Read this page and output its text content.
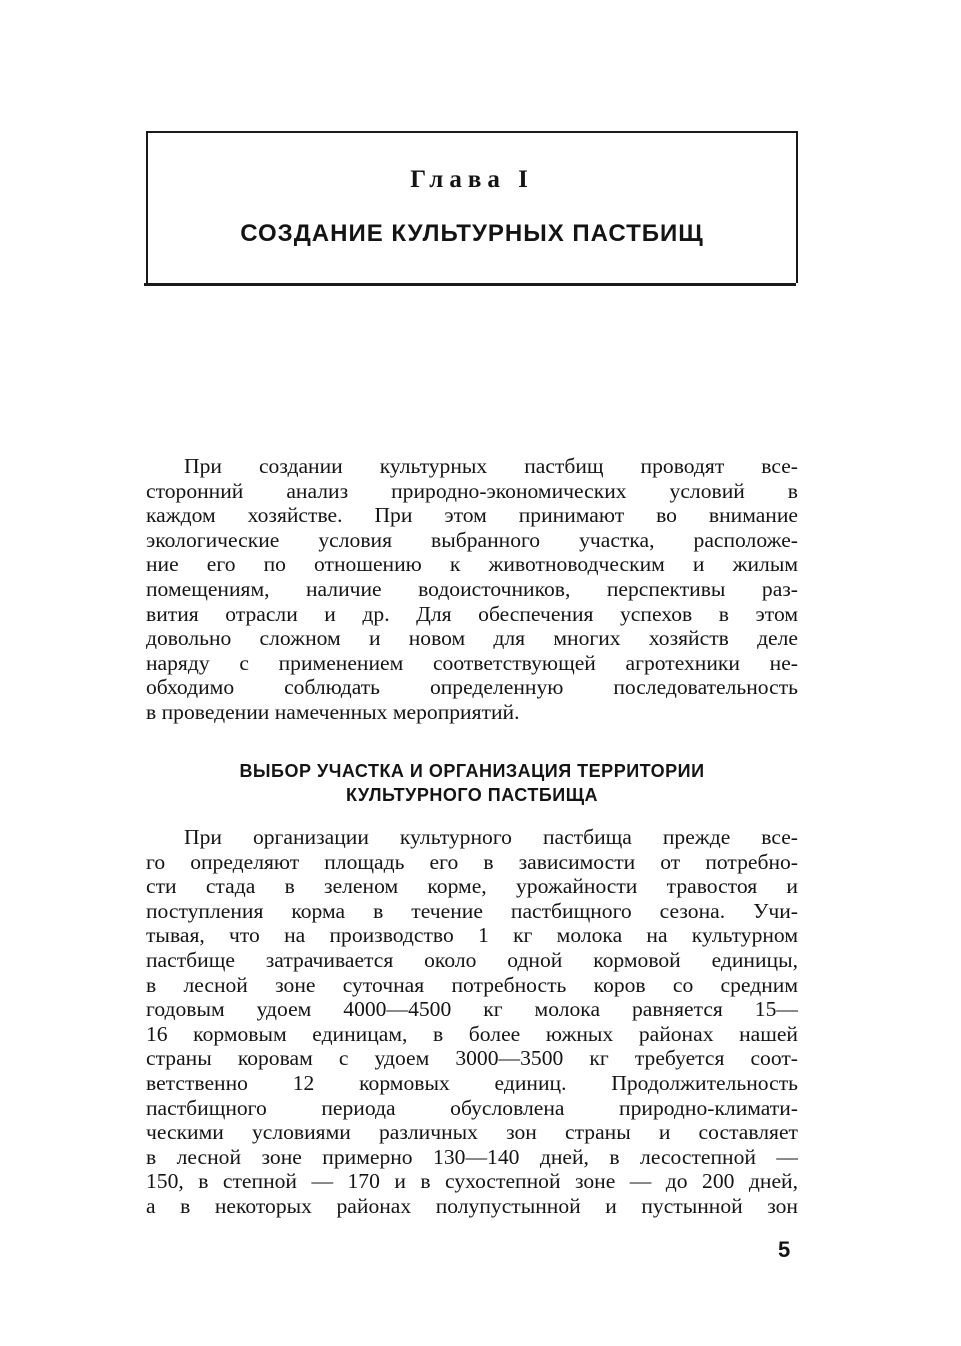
Глава I
СОЗДАНИЕ КУЛЬТУРНЫХ ПАСТБИЩ
При создании культурных пастбищ проводят все-
сторонний анализ природно-экономических условий в
каждом хозяйстве. При этом принимают во внимание
экологические условия выбранного участка, расположе-
ние его по отношению к животноводческим и жилым
помещениям, наличие водоисточников, перспективы раз-
вития отрасли и др. Для обеспечения успехов в этом
довольно сложном и новом для многих хозяйств деле
наряду с применением соответствующей агротехники не-
обходимо соблюдать определенную последовательность
в проведении намеченных мероприятий.
ВЫБОР УЧАСТКА И ОРГАНИЗАЦИЯ ТЕРРИТОРИИ
КУЛЬТУРНОГО ПАСТБИЩА
При организации культурного пастбища прежде все-
го определяют площадь его в зависимости от потребно-
сти стада в зеленом корме, урожайности травостоя и
поступления корма в течение пастбищного сезона. Учи-
тывая, что на производство 1 кг молока на культурном
пастбище затрачивается около одной кормовой единицы,
в лесной зоне суточная потребность коров со средним
годовым удоем 4000—4500 кг молока равняется 15—
16 кормовым единицам, в более южных районах нашей
страны коровам с удоем 3000—3500 кг требуется соот-
ветственно 12 кормовых единиц. Продолжительность
пастбищного периода обусловлена природно-климати-
ческими условиями различных зон страны и составляет
в лесной зоне примерно 130—140 дней, в лесостепной —
150, в степной — 170 и в сухостепной зоне — до 200 дней,
а в некоторых районах полупустынной и пустынной зон
5
